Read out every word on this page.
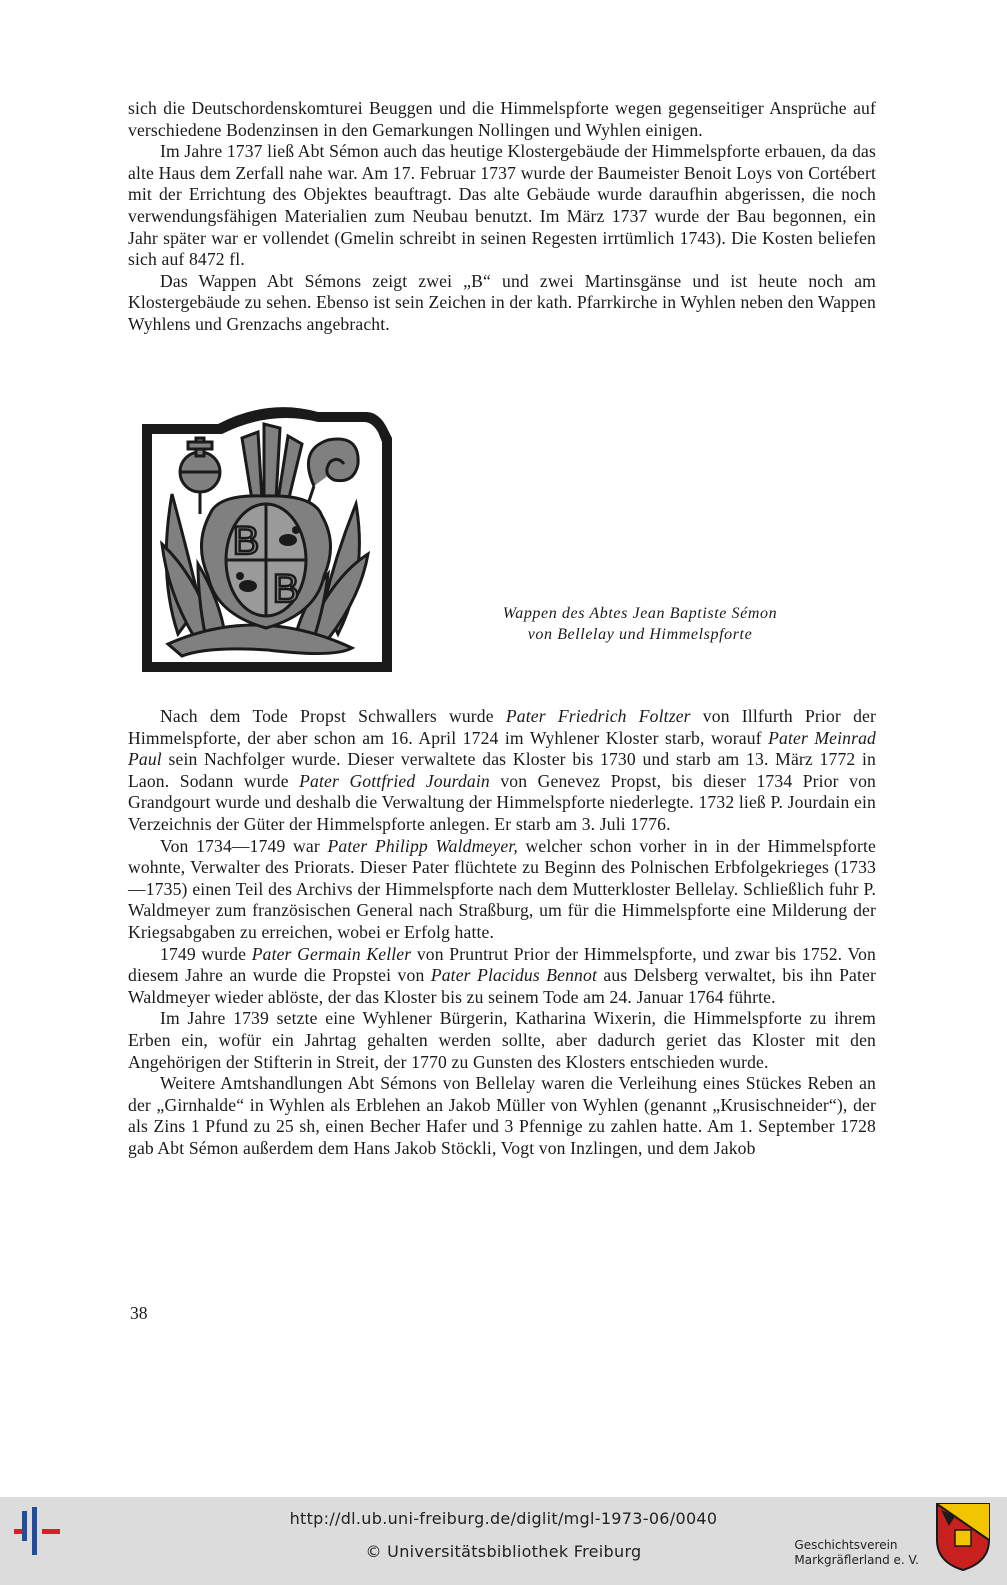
sich die Deutschordenskomturei Beuggen und die Himmelspforte wegen gegenseitiger Ansprüche auf verschiedene Bodenzinsen in den Gemarkungen Nollingen und Wyhlen einigen.

Im Jahre 1737 ließ Abt Sémon auch das heutige Klostergebäude der Himmelspforte erbauen, da das alte Haus dem Zerfall nahe war. Am 17. Februar 1737 wurde der Baumeister Benoit Loys von Cortébert mit der Errichtung des Objektes beauftragt. Das alte Gebäude wurde daraufhin abgerissen, die noch verwendungsfähigen Materialien zum Neubau benutzt. Im März 1737 wurde der Bau begonnen, ein Jahr später war er vollendet (Gmelin schreibt in seinen Regesten irrtümlich 1743). Die Kosten beliefen sich auf 8472 fl.

Das Wappen Abt Sémons zeigt zwei „B“ und zwei Martinsgänse und ist heute noch am Klostergebäude zu sehen. Ebenso ist sein Zeichen in der kath. Pfarrkirche in Wyhlen neben den Wappen Wyhlens und Grenzachs angebracht.

B
B
Wappen des Abtes Jean Baptiste Sémon
von Bellelay und Himmelspforte

Nach dem Tode Propst Schwallers wurde Pater Friedrich Foltzer von Illfurth Prior der Himmelspforte, der aber schon am 16. April 1724 im Wyhlener Kloster starb, worauf Pater Meinrad Paul sein Nachfolger wurde. Dieser verwaltete das Kloster bis 1730 und starb am 13. März 1772 in Laon. Sodann wurde Pater Gottfried Jourdain von Genevez Propst, bis dieser 1734 Prior von Grandgourt wurde und deshalb die Verwaltung der Himmelspforte niederlegte. 1732 ließ P. Jourdain ein Verzeichnis der Güter der Himmelspforte anlegen. Er starb am 3. Juli 1776.

Von 1734—1749 war Pater Philipp Waldmeyer, welcher schon vorher in in der Himmelspforte wohnte, Verwalter des Priorats. Dieser Pater flüchtete zu Beginn des Polnischen Erbfolgekrieges (1733—1735) einen Teil des Archivs der Himmelspforte nach dem Mutterkloster Bellelay. Schließlich fuhr P. Waldmeyer zum französischen General nach Straßburg, um für die Himmelspforte eine Milderung der Kriegsabgaben zu erreichen, wobei er Erfolg hatte.

1749 wurde Pater Germain Keller von Pruntrut Prior der Himmelspforte, und zwar bis 1752. Von diesem Jahre an wurde die Propstei von Pater Placidus Bennot aus Delsberg verwaltet, bis ihn Pater Waldmeyer wieder ablöste, der das Kloster bis zu seinem Tode am 24. Januar 1764 führte.

Im Jahre 1739 setzte eine Wyhlener Bürgerin, Katharina Wixerin, die Himmelspforte zu ihrem Erben ein, wofür ein Jahrtag gehalten werden sollte, aber dadurch geriet das Kloster mit den Angehörigen der Stifterin in Streit, der 1770 zu Gunsten des Klosters entschieden wurde.

Weitere Amtshandlungen Abt Sémons von Bellelay waren die Verleihung eines Stückes Reben an der „Girnhalde“ in Wyhlen als Erblehen an Jakob Müller von Wyhlen (genannt „Krusischneider“), der als Zins 1 Pfund zu 25 sh, einen Becher Hafer und 3 Pfennige zu zahlen hatte. Am 1. September 1728 gab Abt Sémon außerdem dem Hans Jakob Stöckli, Vogt von Inzlingen, und dem Jakob

38
http://dl.ub.uni-freiburg.de/diglit/mgl-1973-06/0040
© Universitätsbibliothek Freiburg	Geschichtsverein
Markgräflerland e. V.
